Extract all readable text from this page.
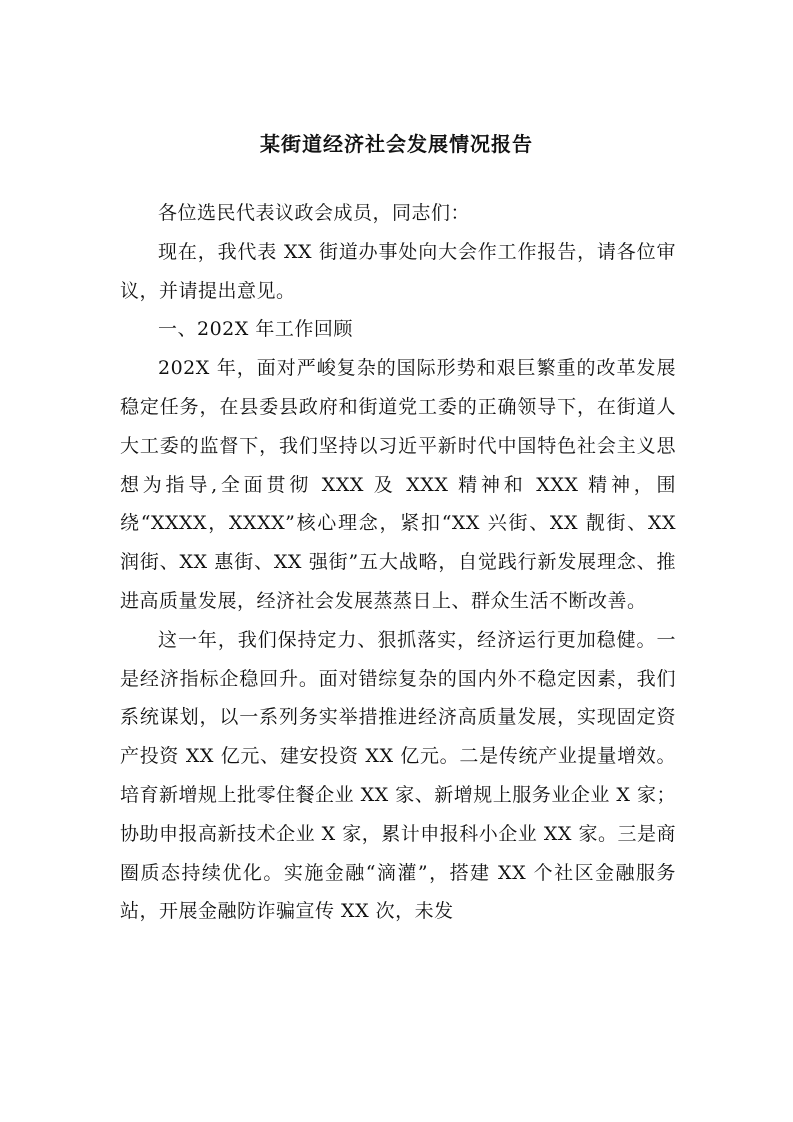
某街道经济社会发展情况报告

各位选民代表议政会成员，同志们：

现在，我代表 XX 街道办事处向大会作工作报告，请各位审议，并请提出意见。

一、202X 年工作回顾

202X 年，面对严峻复杂的国际形势和艰巨繁重的改革发展稳定任务，在县委县政府和街道党工委的正确领导下，在街道人大工委的监督下，我们坚持以习近平新时代中国特色社会主义思想为指导,全面贯彻 XXX 及 XXX 精神和 XXX 精神，围绕“XXXX，XXXX”核心理念，紧扣“XX 兴街、XX 靓街、XX 润街、XX 惠街、XX 强街”五大战略，自觉践行新发展理念、推进高质量发展，经济社会发展蒸蒸日上、群众生活不断改善。

这一年，我们保持定力、狠抓落实，经济运行更加稳健。一是经济指标企稳回升。面对错综复杂的国内外不稳定因素，我们系统谋划，以一系列务实举措推进经济高质量发展，实现固定资产投资 XX 亿元、建安投资 XX 亿元。二是传统产业提量增效。培育新增规上批零住餐企业 XX 家、新增规上服务业企业 X 家；协助申报高新技术企业 X 家，累计申报科小企业 XX 家。三是商圈质态持续优化。实施金融“滴灌”，搭建 XX 个社区金融服务站，开展金融防诈骗宣传 XX 次，未发
